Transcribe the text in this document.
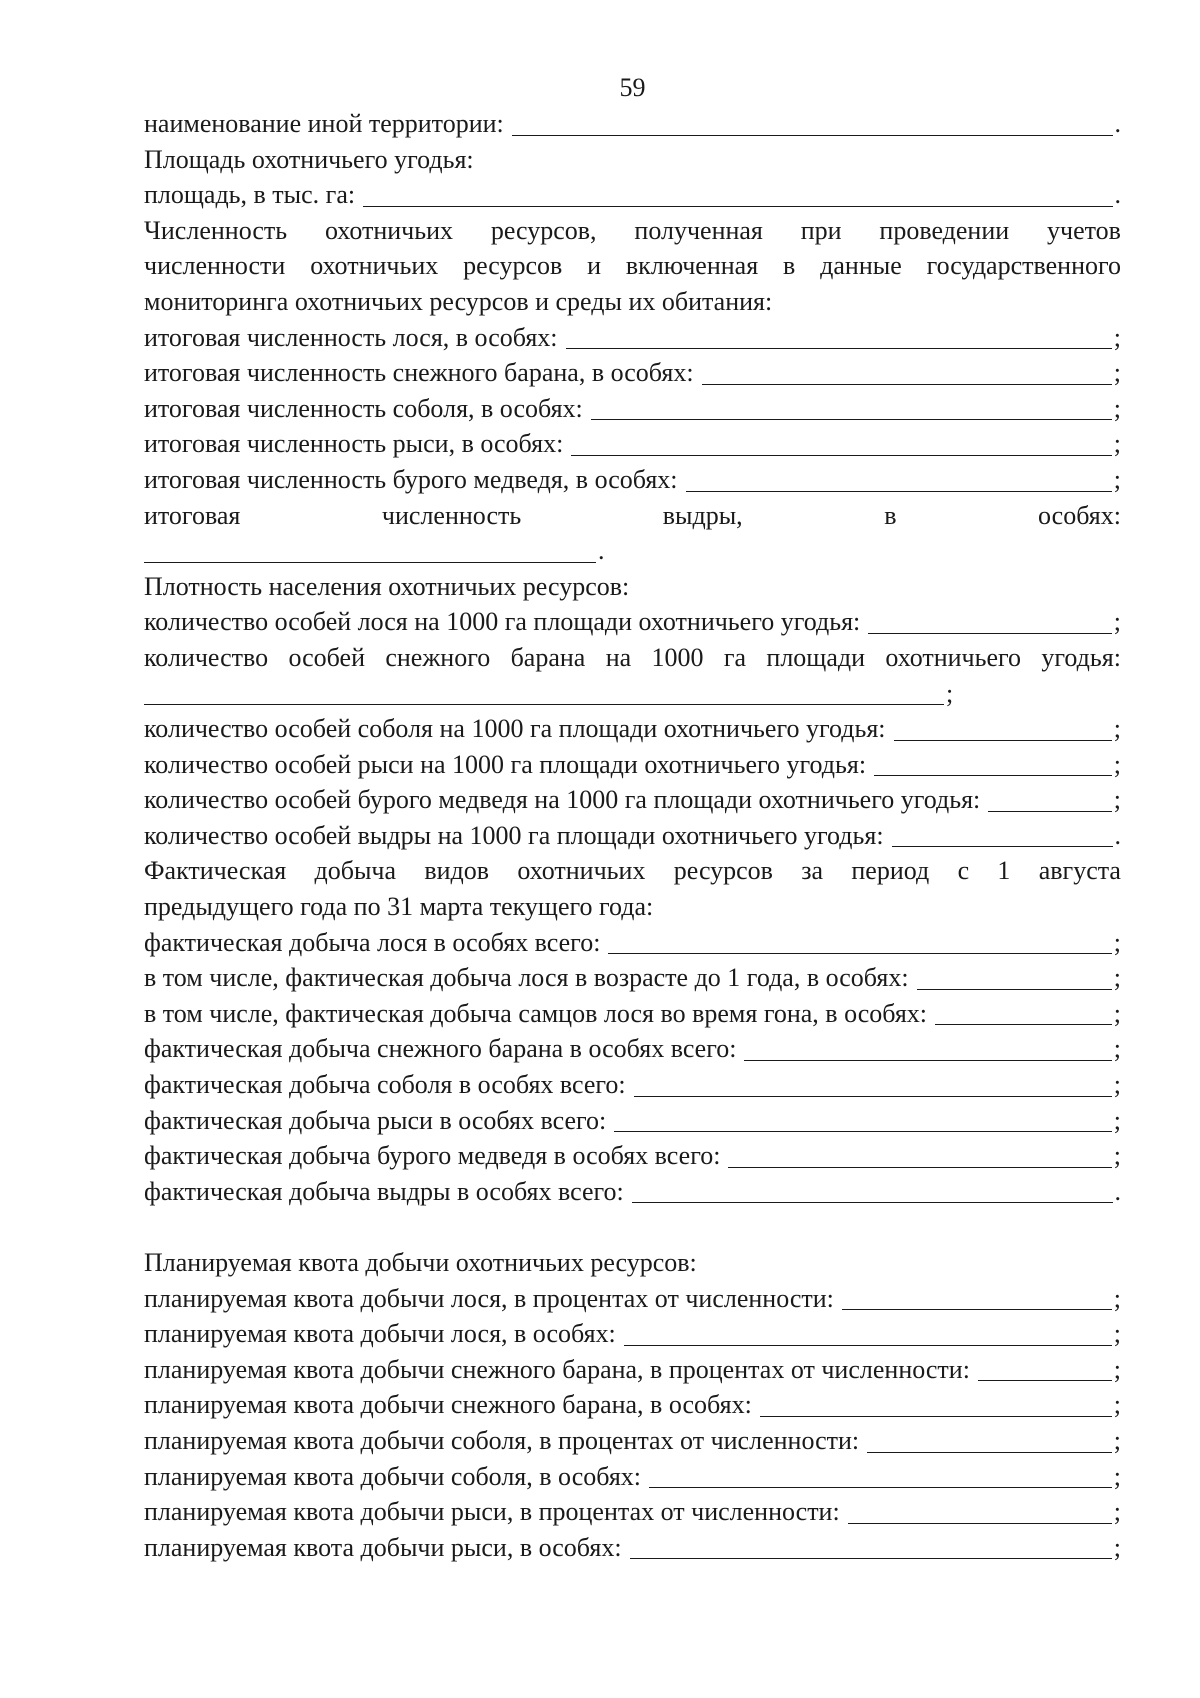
59
наименование иной территории:	.
Площадь охотничьего угодья:
площадь, в тыс. га:	.
Численность охотничьих ресурсов, полученная при проведении учетов
численности охотничьих ресурсов и включенная в данные государственного
мониторинга охотничьих ресурсов и среды их обитания:
итоговая численность лося, в особях:	;
итоговая численность снежного барана, в особях:	;
итоговая численность соболя, в особях:	;
итоговая численность рыси, в особях:	;
итоговая численность бурого медведя, в особях:	;
итоговая	численность	выдры,	в	особях:
.
Плотность населения охотничьих ресурсов:
количество особей лося на 1000 га площади охотничьего угодья:	;
количество особей снежного барана на 1000 га площади охотничьего угодья:
;
количество особей соболя на 1000 га площади охотничьего угодья:	;
количество особей рыси на 1000 га площади охотничьего угодья:	;
количество особей бурого медведя на 1000 га площади охотничьего угодья:	;
количество особей выдры на 1000 га площади охотничьего угодья:	.
Фактическая добыча видов охотничьих ресурсов за период с 1 августа
предыдущего года по 31 марта текущего года:
фактическая добыча лося в особях всего:	;
в том числе, фактическая добыча лося в возрасте до 1 года, в особях:	;
в том числе, фактическая добыча самцов лося во время гона, в особях:	;
фактическая добыча снежного барана в особях всего:	;
фактическая добыча соболя в особях всего:	;
фактическая добыча рыси в особях всего:	;
фактическая добыча бурого медведя в особях всего:	;
фактическая добыча выдры в особях всего:	.
Планируемая квота добычи охотничьих ресурсов:
планируемая квота добычи лося, в процентах от численности:	;
планируемая квота добычи лося, в особях:	;
планируемая квота добычи снежного барана, в процентах от численности:	;
планируемая квота добычи снежного барана, в особях:	;
планируемая квота добычи соболя, в процентах от численности:	;
планируемая квота добычи соболя, в особях:	;
планируемая квота добычи рыси, в процентах от численности:	;
планируемая квота добычи рыси, в особях:	;
